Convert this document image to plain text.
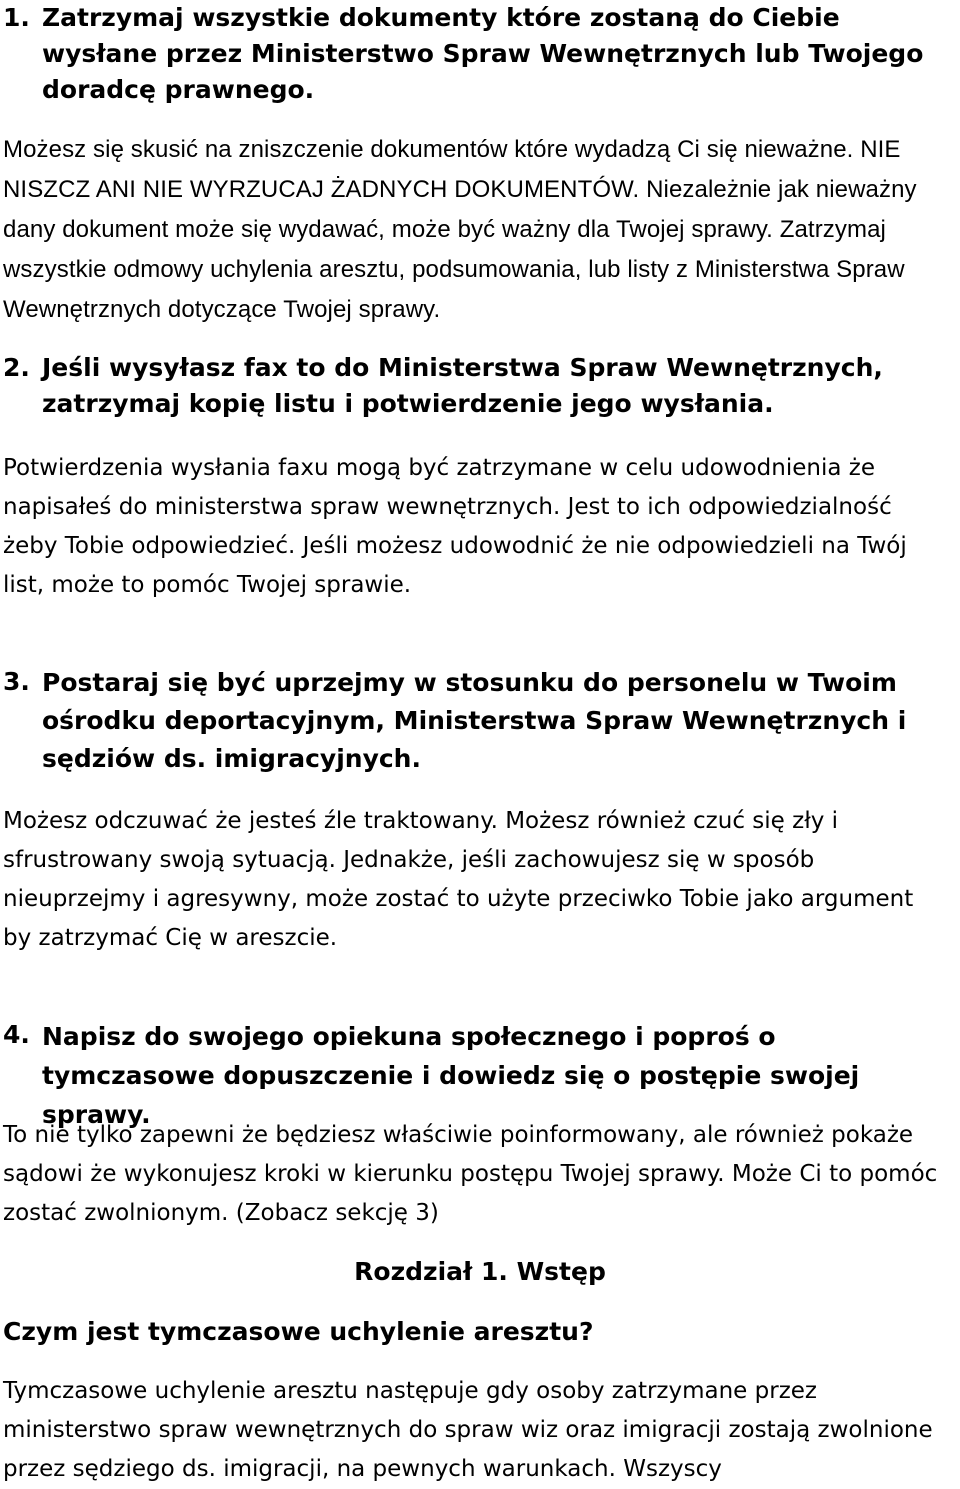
1. Zatrzymaj wszystkie dokumenty które zostaną do Ciebie wysłane przez Ministerstwo Spraw Wewnętrznych lub Twojego doradcę prawnego.

Możesz się skusić na zniszczenie dokumentów które wydadzą Ci się nieważne. NIE NISZCZ ANI NIE WYRZUCAJ ŻADNYCH DOKUMENTÓW. Niezależnie jak nieważny dany dokument może się wydawać, może być ważny dla Twojej sprawy. Zatrzymaj wszystkie odmowy uchylenia aresztu, podsumowania, lub listy z Ministerstwa Spraw Wewnętrznych dotyczące Twojej sprawy.

2. Jeśli wysyłasz fax to do Ministerstwa Spraw Wewnętrznych, zatrzymaj kopię listu i potwierdzenie jego wysłania.

Potwierdzenia wysłania faxu mogą być zatrzymane w celu udowodnienia że napisałeś do ministerstwa spraw wewnętrznych. Jest to ich odpowiedzialność żeby Tobie odpowiedzieć. Jeśli możesz udowodnić że nie odpowiedzieli na Twój list, może to pomóc Twojej sprawie.

3. Postaraj się być uprzejmy w stosunku do personelu w Twoim ośrodku deportacyjnym, Ministerstwa Spraw Wewnętrznych i sędziów ds. imigracyjnych.

Możesz odczuwać że jesteś źle traktowany. Możesz również czuć się zły i sfrustrowany swoją sytuacją. Jednakże, jeśli zachowujesz się w sposób nieuprzejmy i agresywny, może zostać to użyte przeciwko Tobie jako argument by zatrzymać Cię w areszcie.

4. Napisz do swojego opiekuna społecznego i poproś o tymczasowe dopuszczenie i dowiedz się o postępie swojej sprawy.

To nie tylko zapewni że będziesz właściwie poinformowany, ale również pokaże sądowi że wykonujesz kroki w kierunku postępu Twojej sprawy. Może Ci to pomóc zostać zwolnionym. (Zobacz sekcję 3)

Rozdział 1. Wstęp

Czym jest tymczasowe uchylenie aresztu?

Tymczasowe uchylenie aresztu następuje gdy osoby zatrzymane przez ministerstwo spraw wewnętrznych do spraw wiz oraz imigracji zostają zwolnione przez sędziego ds. imigracji, na pewnych warunkach. Wszyscy
